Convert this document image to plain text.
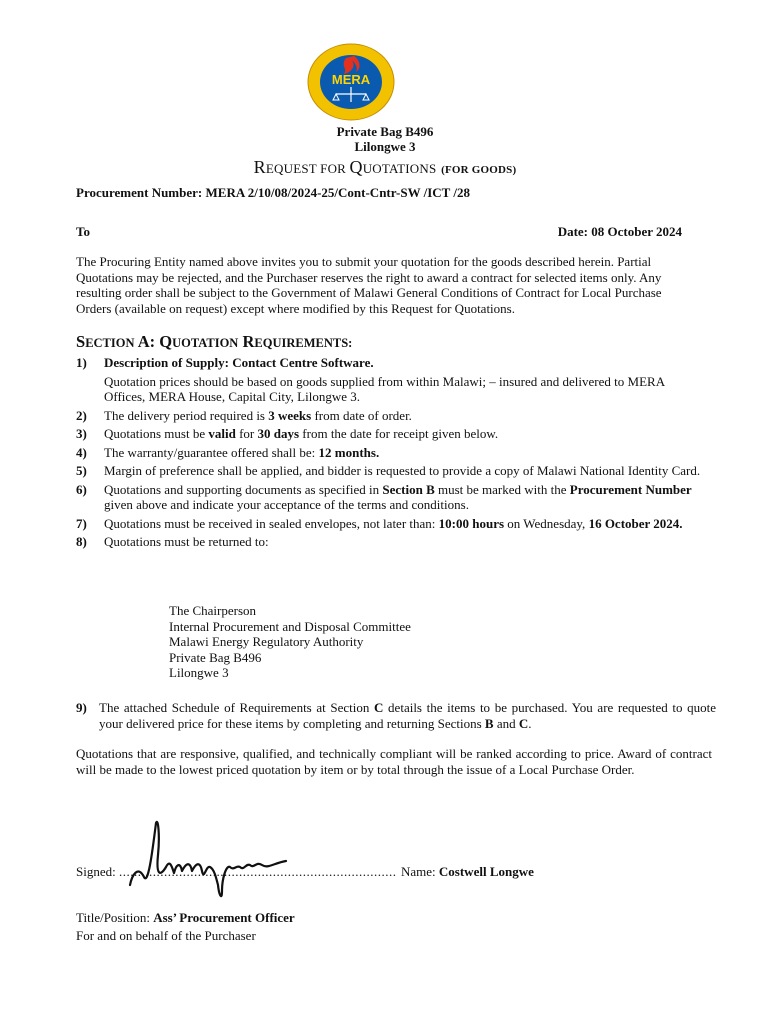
MERA
Private Bag B496
Lilongwe 3
REQUEST FOR QUOTATIONS (FOR GOODS)
Procurement Number: MERA 2/10/08/2024-25/Cont-Cntr-SW /ICT /28
To	Date: 08 October 2024
The Procuring Entity named above invites you to submit your quotation for the goods described herein. Partial Quotations may be rejected, and the Purchaser reserves the right to award a contract for selected items only. Any resulting order shall be subject to the Government of Malawi General Conditions of Contract for Local Purchase Orders (available on request) except where modified by this Request for Quotations.
SECTION A: QUOTATION REQUIREMENTS:
1) Description of Supply: Contact Centre Software.
Quotation prices should be based on goods supplied from within Malawi; – insured and delivered to MERA Offices, MERA House, Capital City, Lilongwe 3.
2) The delivery period required is 3 weeks from date of order.
3) Quotations must be valid for 30 days from the date for receipt given below.
4) The warranty/guarantee offered shall be: 12 months.
5) Margin of preference shall be applied, and bidder is requested to provide a copy of Malawi National Identity Card.
6) Quotations and supporting documents as specified in Section B must be marked with the Procurement Number given above and indicate your acceptance of the terms and conditions.
7) Quotations must be received in sealed envelopes, not later than: 10:00 hours on Wednesday, 16 October 2024.
8) Quotations must be returned to:
The Chairperson
Internal Procurement and Disposal Committee
Malawi Energy Regulatory Authority
Private Bag B496
Lilongwe 3
9) The attached Schedule of Requirements at Section C details the items to be purchased. You are requested to quote your delivered price for these items by completing and returning Sections B and C.
Quotations that are responsive, qualified, and technically compliant will be ranked according to price. Award of contract will be made to the lowest priced quotation by item or by total through the issue of a Local Purchase Order.
Signed: .......................................................................... Name: Costwell Longwe
Title/Position: Ass’ Procurement Officer
For and on behalf of the Purchaser
